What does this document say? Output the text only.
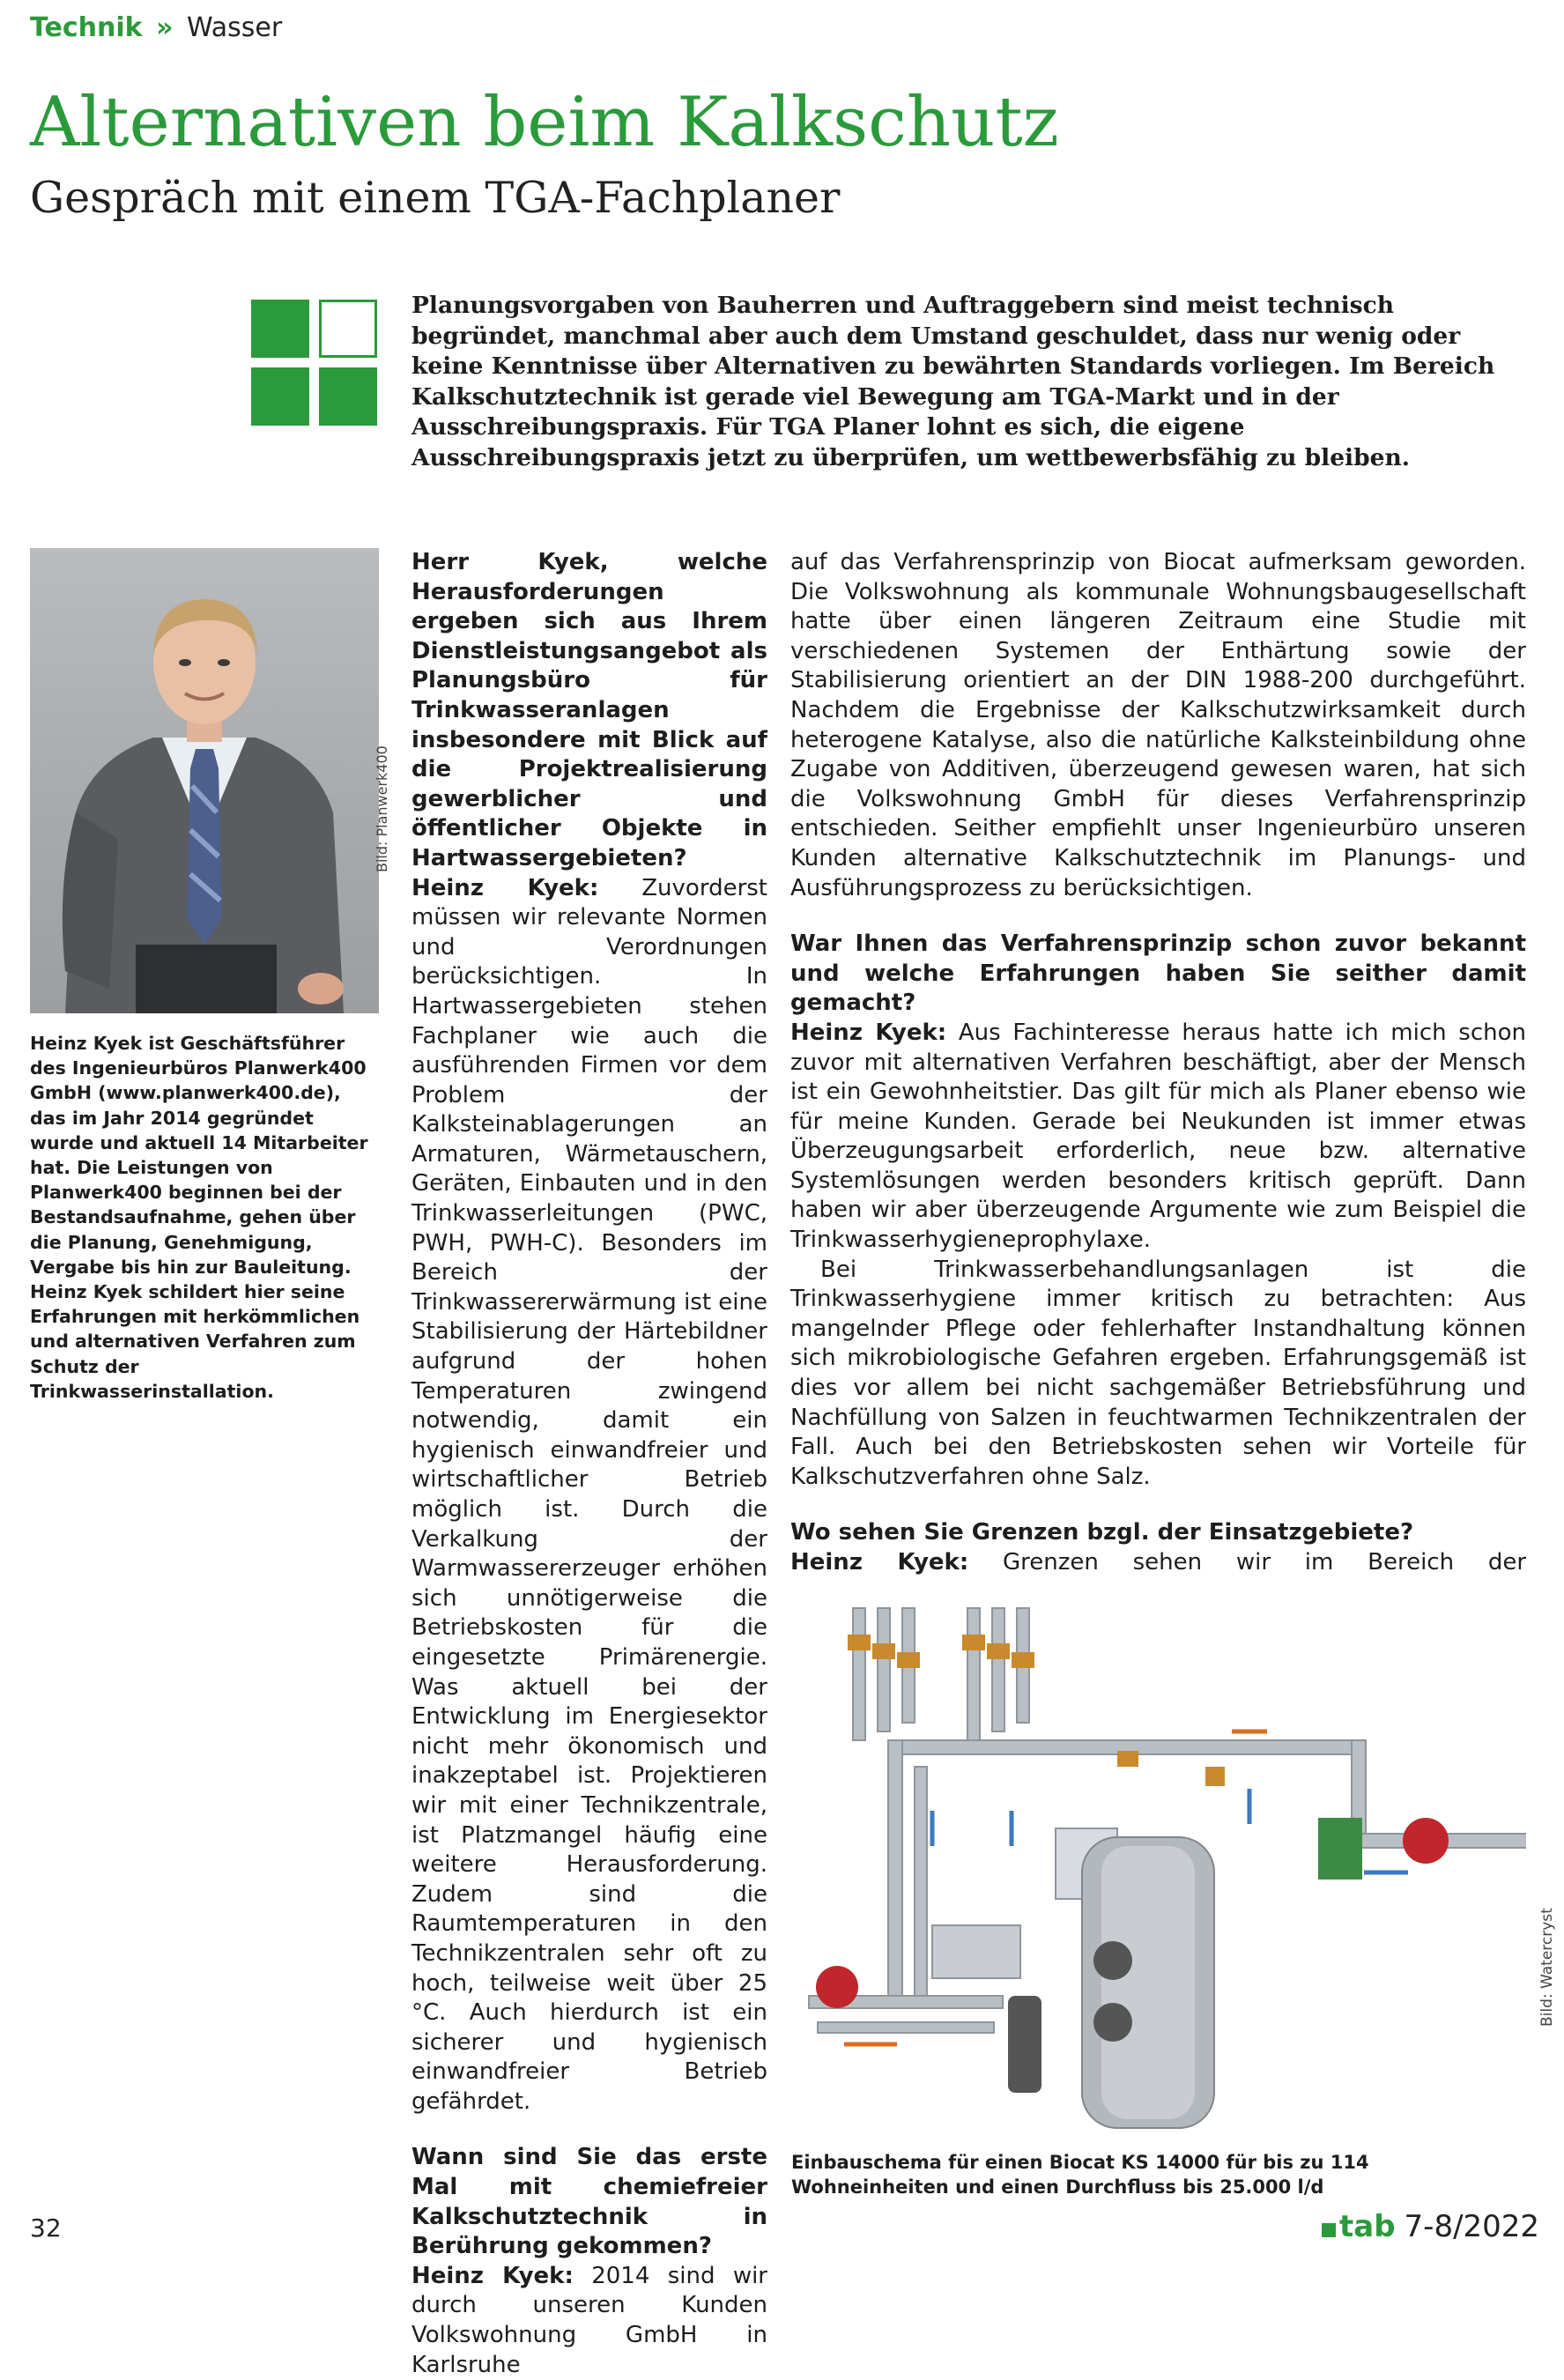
Technik » Wasser
Alternativen beim Kalkschutz
Gespräch mit einem TGA-Fachplaner
Planungsvorgaben von Bauherren und Auftraggebern sind meist technisch begründet, manchmal aber auch dem Umstand geschuldet, dass nur wenig oder keine Kenntnisse über Alternativen zu bewährten Standards vorliegen. Im Bereich Kalkschutztechnik ist gerade viel Bewegung am TGA-Markt und in der Ausschreibungspraxis. Für TGA Planer lohnt es sich, die eigene Ausschreibungspraxis jetzt zu überprüfen, um wettbewerbsfähig zu bleiben.
Bild: Planwerk400
Heinz Kyek ist Geschäftsführer des Ingenieurbüros Planwerk400 GmbH (www.planwerk400.de), das im Jahr 2014 gegründet wurde und aktuell 14 Mitarbeiter hat. Die Leistungen von Planwerk400 beginnen bei der Bestandsaufnahme, gehen über die Planung, Genehmigung, Vergabe bis hin zur Bauleitung. Heinz Kyek schildert hier seine Erfahrungen mit herkömmlichen und alternativen Verfahren zum Schutz der Trinkwasserinstallation.

Herr Kyek, welche Herausforderungen ergeben sich aus Ihrem Dienstleistungsangebot als Planungsbüro für Trinkwasseranlagen insbesondere mit Blick auf die Projektrealisierung gewerblicher und öffentlicher Objekte in Hartwassergebieten?

Heinz Kyek: Zuvorderst müssen wir relevante Normen und Verordnungen berücksichtigen. In Hartwassergebieten stehen Fachplaner wie auch die ausführenden Firmen vor dem Problem der Kalksteinablagerungen an Armaturen, Wärmetauschern, Geräten, Einbauten und in den Trinkwasserleitungen (PWC, PWH, PWH-C). Besonders im Bereich der Trinkwassererwärmung ist eine Stabilisierung der Härtebildner aufgrund der hohen Temperaturen zwingend notwendig, damit ein hygienisch einwandfreier und wirtschaftlicher Betrieb möglich ist. Durch die Verkalkung der Warmwassererzeuger erhöhen sich unnötigerweise die Betriebskosten für die eingesetzte Primärenergie. Was aktuell bei der Entwicklung im Energiesektor nicht mehr ökonomisch und inakzeptabel ist. Projektieren wir mit einer Technikzentrale, ist Platzmangel häufig eine weitere Herausforderung. Zudem sind die Raumtemperaturen in den Technikzentralen sehr oft zu hoch, teilweise weit über 25 °C. Auch hierdurch ist ein sicherer und hygienisch einwandfreier Betrieb gefährdet.

Wann sind Sie das erste Mal mit chemiefreier Kalkschutztechnik in Berührung gekommen?

Heinz Kyek: 2014 sind wir durch unseren Kunden Volkswohnung GmbH in Karlsruhe

auf das Verfahrensprinzip von Biocat aufmerksam geworden. Die Volkswohnung als kommunale Wohnungsbaugesellschaft hatte über einen längeren Zeitraum eine Studie mit verschiedenen Systemen der Enthärtung sowie der Stabilisierung orientiert an der DIN 1988-200 durchgeführt. Nachdem die Ergebnisse der Kalkschutzwirksamkeit durch heterogene Katalyse, also die natürliche Kalksteinbildung ohne Zugabe von Additiven, überzeugend gewesen waren, hat sich die Volkswohnung GmbH für dieses Verfahrensprinzip entschieden. Seither empfiehlt unser Ingenieurbüro unseren Kunden alternative Kalkschutztechnik im Planungs- und Ausführungsprozess zu berücksichtigen.

War Ihnen das Verfahrensprinzip schon zuvor bekannt und welche Erfahrungen haben Sie seither damit gemacht?

Heinz Kyek: Aus Fachinteresse heraus hatte ich mich schon zuvor mit alternativen Verfahren beschäftigt, aber der Mensch ist ein Gewohnheitstier. Das gilt für mich als Planer ebenso wie für meine Kunden. Gerade bei Neukunden ist immer etwas Überzeugungsarbeit erforderlich, neue bzw. alternative Systemlösungen werden besonders kritisch geprüft. Dann haben wir aber überzeugende Argumente wie zum Beispiel die Trinkwasserhygieneprophylaxe.

Bei Trinkwasserbehandlungsanlagen ist die Trinkwasserhygiene immer kritisch zu betrachten: Aus mangelnder Pflege oder fehlerhafter Instandhaltung können sich mikrobiologische Gefahren ergeben. Erfahrungsgemäß ist dies vor allem bei nicht sachgemäßer Betriebsführung und Nachfüllung von Salzen in feuchtwarmen Technikzentralen der Fall. Auch bei den Betriebskosten sehen wir Vorteile für Kalkschutzverfahren ohne Salz.

Wo sehen Sie Grenzen bzgl. der Einsatzgebiete?

Heinz Kyek: Grenzen sehen wir im Bereich der

Bild: Watercryst
Einbauschema für einen Biocat KS 14000 für bis zu 114 Wohneinheiten und einen Durchfluss bis 25.000 l/d
32	tab 7-8/2022
